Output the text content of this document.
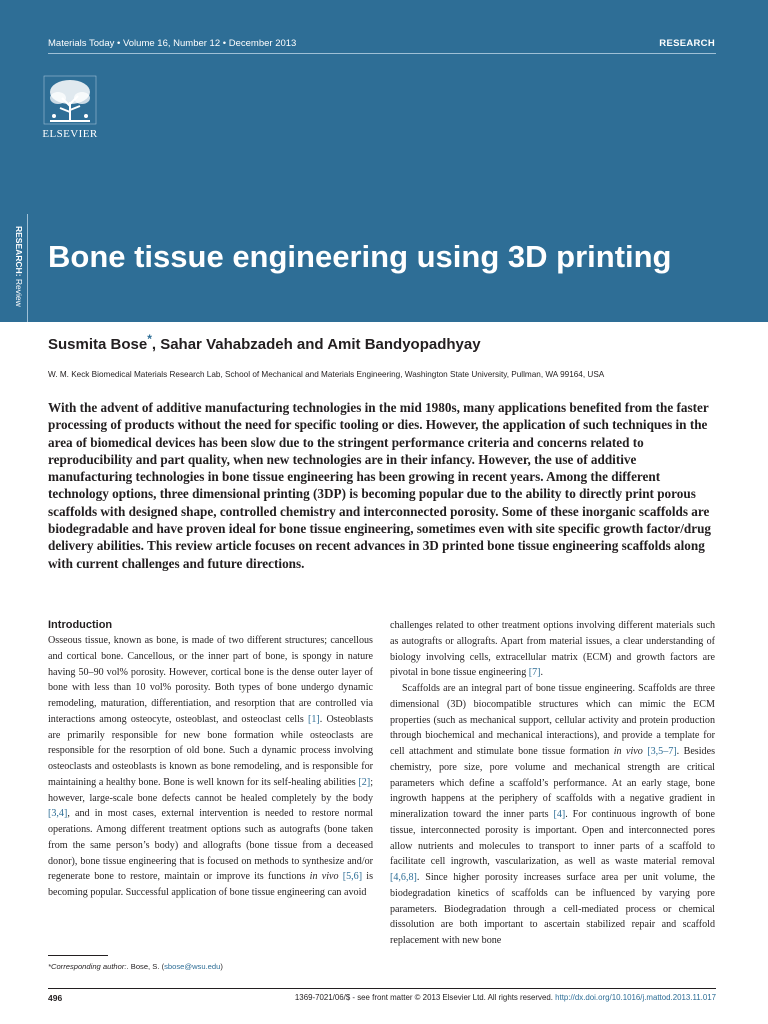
Materials Today • Volume 16, Number 12 • December 2013	RESEARCH
ELSEVIER
RESEARCH: Review
Bone tissue engineering using 3D printing
Susmita Bose*, Sahar Vahabzadeh and Amit Bandyopadhyay
W. M. Keck Biomedical Materials Research Lab, School of Mechanical and Materials Engineering, Washington State University, Pullman, WA 99164, USA

With the advent of additive manufacturing technologies in the mid 1980s, many applications benefited from the faster processing of products without the need for specific tooling or dies. However, the application of such techniques in the area of biomedical devices has been slow due to the stringent performance criteria and concerns related to reproducibility and part quality, when new technologies are in their infancy. However, the use of additive manufacturing technologies in bone tissue engineering has been growing in recent years. Among the different technology options, three dimensional printing (3DP) is becoming popular due to the ability to directly print porous scaffolds with designed shape, controlled chemistry and interconnected porosity. Some of these inorganic scaffolds are biodegradable and have proven ideal for bone tissue engineering, sometimes even with site specific growth factor/drug delivery abilities. This review article focuses on recent advances in 3D printed bone tissue engineering scaffolds along with current challenges and future directions.

Introduction

Osseous tissue, known as bone, is made of two different structures; cancellous and cortical bone. Cancellous, or the inner part of bone, is spongy in nature having 50–90 vol% porosity. However, cortical bone is the dense outer layer of bone with less than 10 vol% porosity. Both types of bone undergo dynamic remodeling, maturation, differentiation, and resorption that are controlled via interactions among osteocyte, osteoblast, and osteoclast cells [1]. Osteoblasts are primarily responsible for new bone formation while osteoclasts are responsible for the resorption of old bone. Such a dynamic process involving osteoclasts and osteoblasts is known as bone remodeling, and is responsible for maintaining a healthy bone. Bone is well known for its self-healing abilities [2]; however, large-scale bone defects cannot be healed completely by the body [3,4], and in most cases, external intervention is needed to restore normal operations. Among different treatment options such as autografts (bone taken from the same person’s body) and allografts (bone tissue from a deceased donor), bone tissue engineering that is focused on methods to synthesize and/or regenerate bone to restore, maintain or improve its functions in vivo [5,6] is becoming popular. Successful application of bone tissue engineering can avoid

challenges related to other treatment options involving different materials such as autografts or allografts. Apart from material issues, a clear understanding of biology involving cells, extracellular matrix (ECM) and growth factors are pivotal in bone tissue engineering [7].

Scaffolds are an integral part of bone tissue engineering. Scaffolds are three dimensional (3D) biocompatible structures which can mimic the ECM properties (such as mechanical support, cellular activity and protein production through biochemical and mechanical interactions), and provide a template for cell attachment and stimulate bone tissue formation in vivo [3,5–7]. Besides chemistry, pore size, pore volume and mechanical strength are critical parameters which define a scaffold’s performance. At an early stage, bone ingrowth happens at the periphery of scaffolds with a negative gradient in mineralization toward the inner parts [4]. For continuous ingrowth of bone tissue, interconnected porosity is important. Open and interconnected pores allow nutrients and molecules to transport to inner parts of a scaffold to facilitate cell ingrowth, vascularization, as well as waste material removal [4,6,8]. Since higher porosity increases surface area per unit volume, the biodegradation kinetics of scaffolds can be influenced by varying pore parameters. Biodegradation through a cell-mediated process or chemical dissolution are both important to ascertain stabilized repair and scaffold replacement with new bone

*Corresponding author:. Bose, S. (sbose@wsu.edu)
496	1369-7021/06/$ - see front matter © 2013 Elsevier Ltd. All rights reserved. http://dx.doi.org/10.1016/j.mattod.2013.11.017
